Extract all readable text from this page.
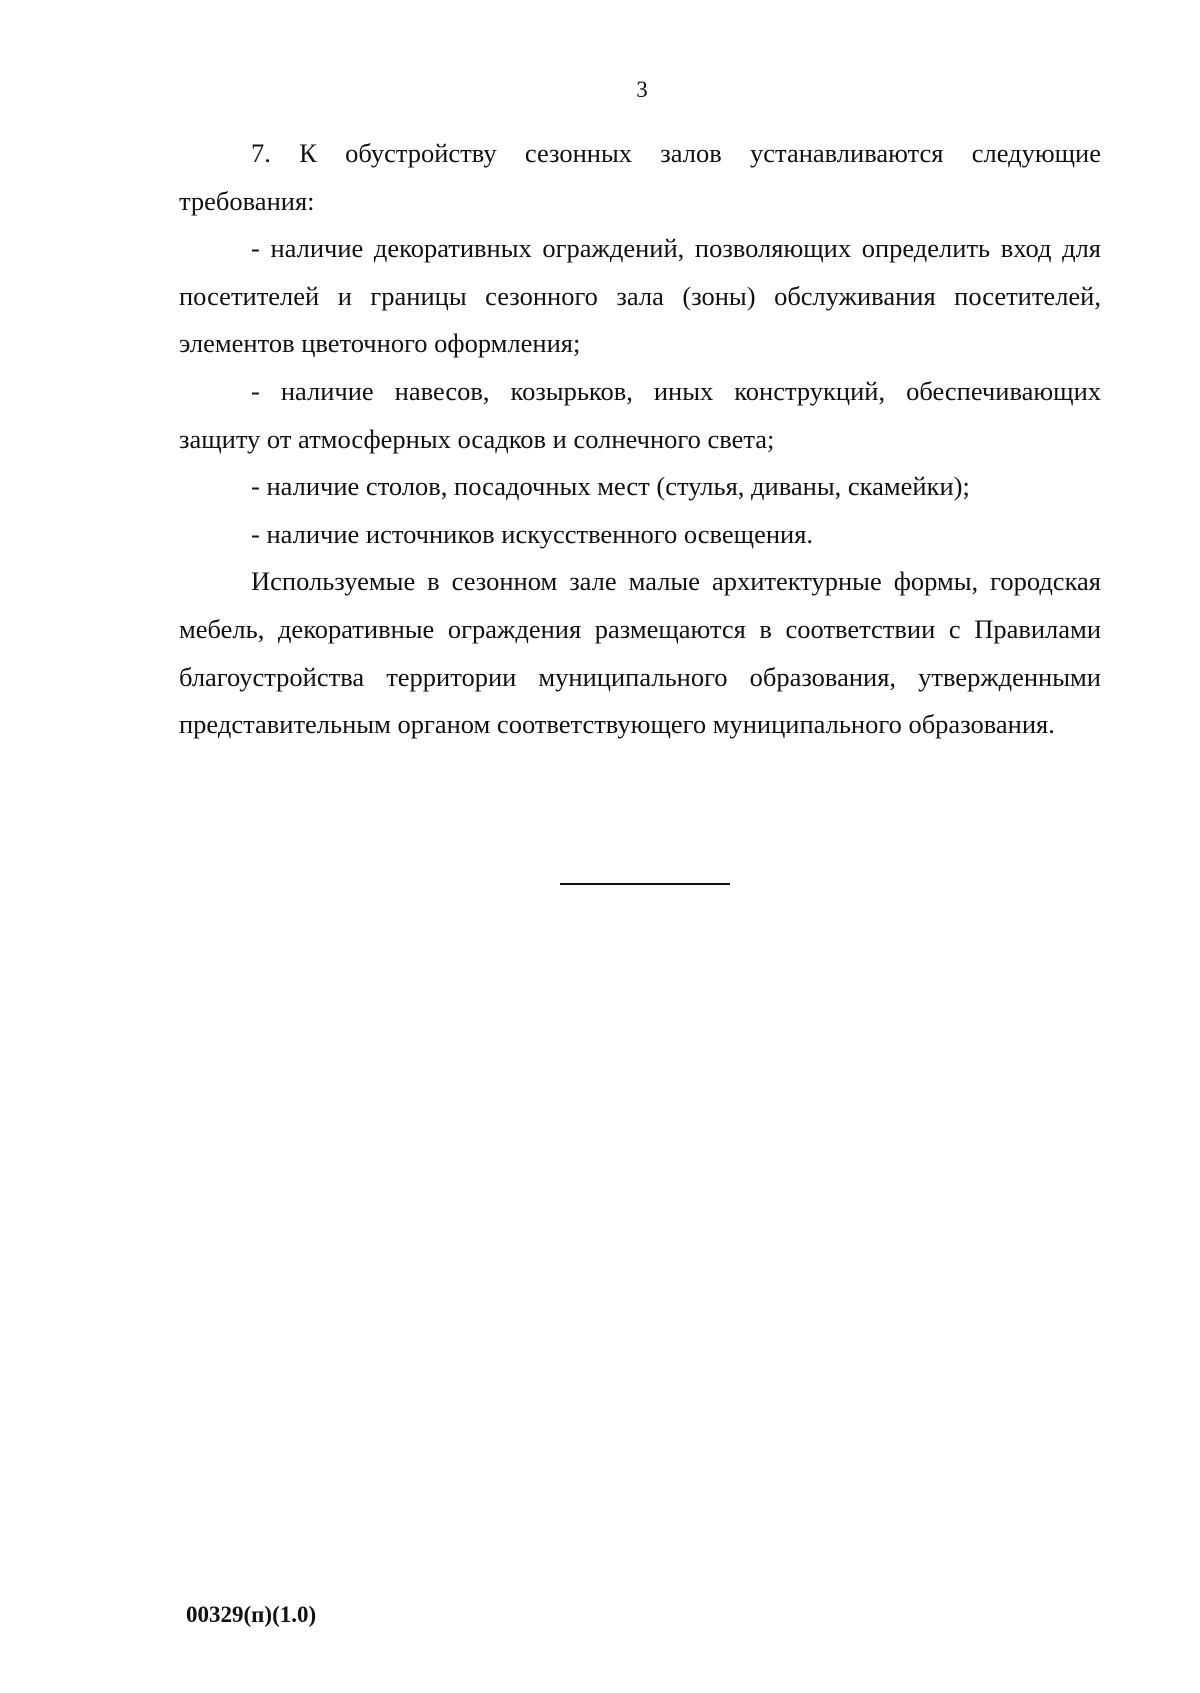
3

7. К обустройству сезонных залов устанавливаются следующие требования:

- наличие декоративных ограждений, позволяющих определить вход для посетителей и границы сезонного зала (зоны) обслуживания посетителей, элементов цветочного оформления;

- наличие навесов, козырьков, иных конструкций, обеспечивающих защиту от атмосферных осадков и солнечного света;

- наличие столов, посадочных мест (стулья, диваны, скамейки);

- наличие источников искусственного освещения.

Используемые в сезонном зале малые архитектурные формы, городская мебель, декоративные ограждения размещаются в соответствии с Правилами благоустройства территории муниципального образования, утвержденными представительным органом соответствующего муниципального образования.

00329(п)(1.0)
